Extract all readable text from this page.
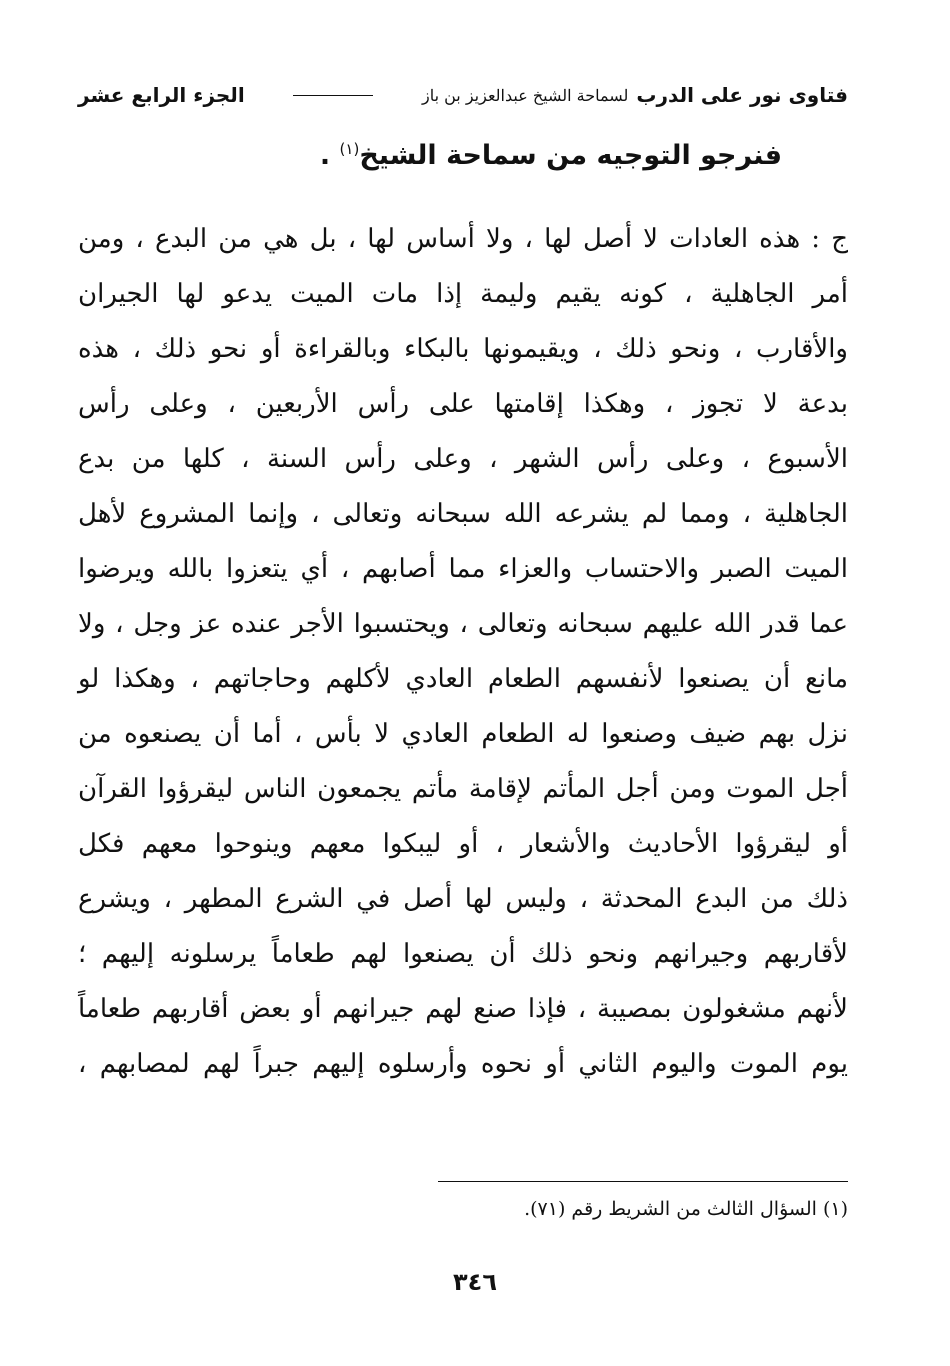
فتاوى نور على الدرب
لسماحة الشيخ عبدالعزيز بن باز
الجزء الرابع عشر
فنرجو التوجيه من سماحة الشيخ$^{(١)}$ .
ج : هذه العادات لا أصل لها ، ولا أساس لها ، بل هي من البدع ، ومن
أمر الجاهلية ، كونه يقيم وليمة إذا مات الميت يدعو لها الجيران
والأقارب ، ونحو ذلك ، ويقيمونها بالبكاء وبالقراءة أو نحو ذلك ، هذه
بدعة لا تجوز ، وهكذا إقامتها على رأس الأربعين ، وعلى رأس
الأسبوع ، وعلى رأس الشهر ، وعلى رأس السنة ، كلها من بدع
الجاهلية ، ومما لم يشرعه الله سبحانه وتعالى ، وإنما المشروع لأهل
الميت الصبر والاحتساب والعزاء مما أصابهم ، أي يتعزوا بالله ويرضوا
عما قدر الله عليهم سبحانه وتعالى ، ويحتسبوا الأجر عنده عز وجل ، ولا
مانع أن يصنعوا لأنفسهم الطعام العادي لأكلهم وحاجاتهم ، وهكذا لو
نزل بهم ضيف وصنعوا له الطعام العادي لا بأس ، أما أن يصنعوه من
أجل الموت ومن أجل المأتم لإقامة مأتم يجمعون الناس ليقرؤوا القرآن
أو ليقرؤوا الأحاديث والأشعار ، أو ليبكوا معهم وينوحوا معهم فكل
ذلك من البدع المحدثة ، وليس لها أصل في الشرع المطهر ، ويشرع
لأقاربهم وجيرانهم ونحو ذلك أن يصنعوا لهم طعاماً يرسلونه إليهم ؛
لأنهم مشغولون بمصيبة ، فإذا صنع لهم جيرانهم أو بعض أقاربهم طعاماً
يوم الموت واليوم الثاني أو نحوه وأرسلوه إليهم جبراً لهم لمصابهم ،
(١) السؤال الثالث من الشريط رقم (٧١).
٣٤٦
